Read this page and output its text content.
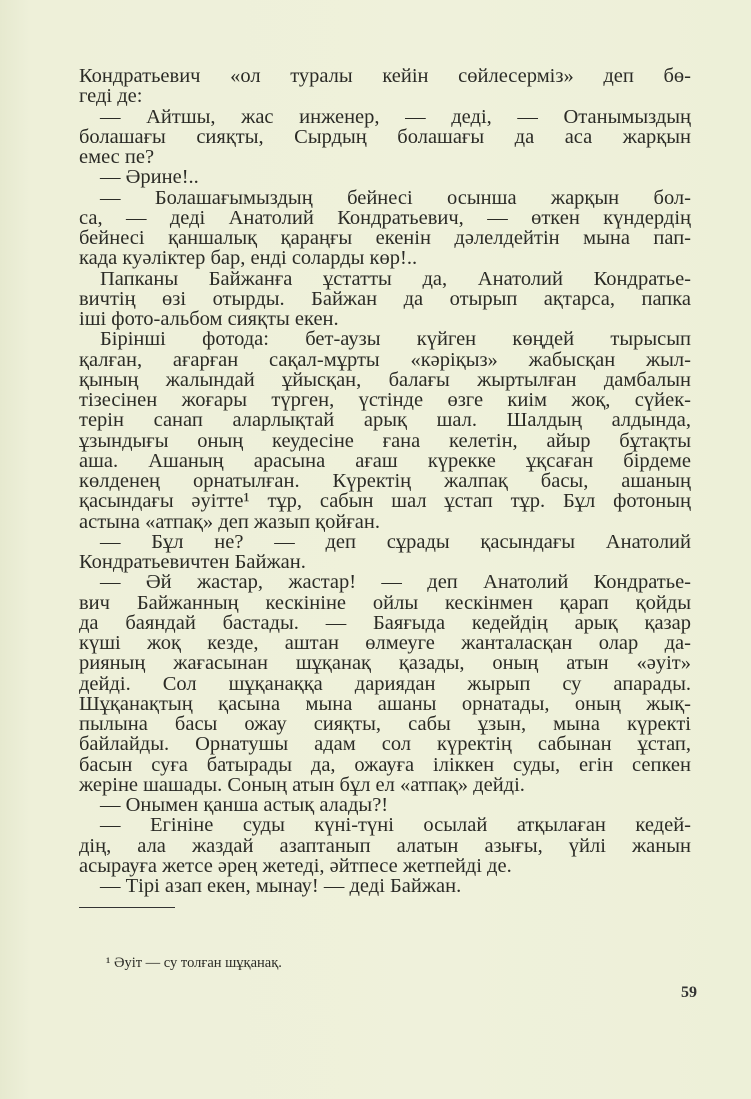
Кондратьевич «ол туралы кейін сөйлесерміз» деп бө-
геді де:
— Айтшы, жас инженер, — деді, — Отанымыздың
болашағы сияқты, Сырдың болашағы да аса жарқын
емес пе?
— Әрине!..
— Болашағымыздың бейнесі осынша жарқын бол-
са, — деді Анатолий Кондратьевич, — өткен күндердің
бейнесі қаншалық қараңғы екенін дәлелдейтін мына пап-
када куәліктер бар, енді соларды көр!..
Папканы Байжанға ұстатты да, Анатолий Кондратье-
вичтің өзі отырды. Байжан да отырып ақтарса, папка
іші фото-альбом сияқты екен.
Бірінші фотода: бет-аузы күйген көңдей тырысып
қалған, ағарған сақал-мұрты «кәріқыз» жабысқан жыл-
қының жалындай ұйысқан, балағы жыртылған дамбалын
тізесінен жоғары түрген, үстінде өзге киім жоқ, сүйек-
терін санап аларлықтай арық шал. Шалдың алдында,
ұзындығы оның кеудесіне ғана келетін, айыр бұтақты
аша. Ашаның арасына ағаш күрекке ұқсаған бірдеме
көлденең орнатылған. Күректің жалпақ басы, ашаның
қасындағы әуітте¹ тұр, сабын шал ұстап тұр. Бұл фотоның
астына «атпақ» деп жазып қойған.
— Бұл не? — деп сұрады қасындағы Анатолий
Кондратьевичтен Байжан.
— Әй жастар, жастар! — деп Анатолий Кондратье-
вич Байжанның кескініне ойлы кескінмен қарап қойды
да баяндай бастады. — Баяғыда кедейдің арық қазар
күші жоқ кезде, аштан өлмеуге жанталасқан олар да-
рияның жағасынан шұқанақ қазады, оның атын «әуіт»
дейді. Сол шұқанаққа дариядан жырып су апарады.
Шұқанақтың қасына мына ашаны орнатады, оның жық-
пылына басы ожау сияқты, сабы ұзын, мына күректі
байлайды. Орнатушы адам сол күректің сабынан ұстап,
басын суға батырады да, ожауға іліккен суды, егін сепкен
жеріне шашады. Соның атын бұл ел «атпақ» дейді.
— Онымен қанша астық алады?!
— Егініне суды күні-түні осылай атқылаған кедей-
дің, ала жаздай азаптанып алатын азығы, үйлі жанын
асырауға жетсе әрең жетеді, әйтпесе жетпейді де.
— Тірі азап екен, мынау! — деді Байжан.
¹ Әуіт — су толған шұқанақ.
59
